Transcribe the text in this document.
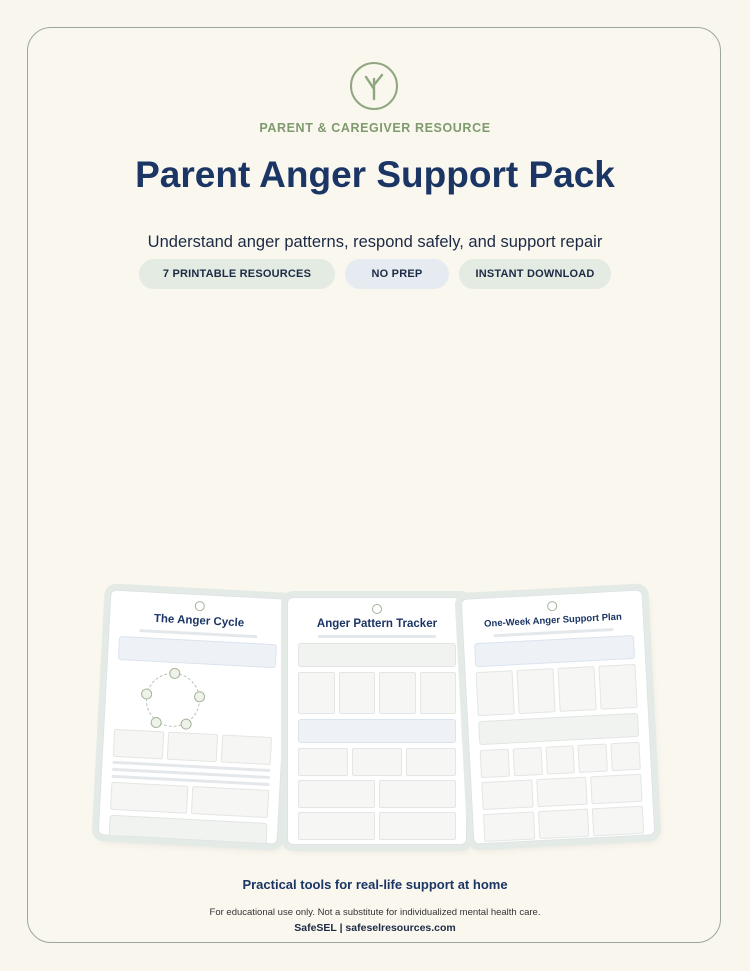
PARENT & CAREGIVER RESOURCE
Parent Anger Support Pack
Understand anger patterns, respond safely, and support repair
7 PRINTABLE RESOURCES	NO PREP	INSTANT DOWNLOAD
The Anger Cycle	Anger Pattern Tracker	One-Week Anger Support Plan
Practical tools for real-life support at home
For educational use only. Not a substitute for individualized mental health care.
SafeSEL | safeselresources.com
